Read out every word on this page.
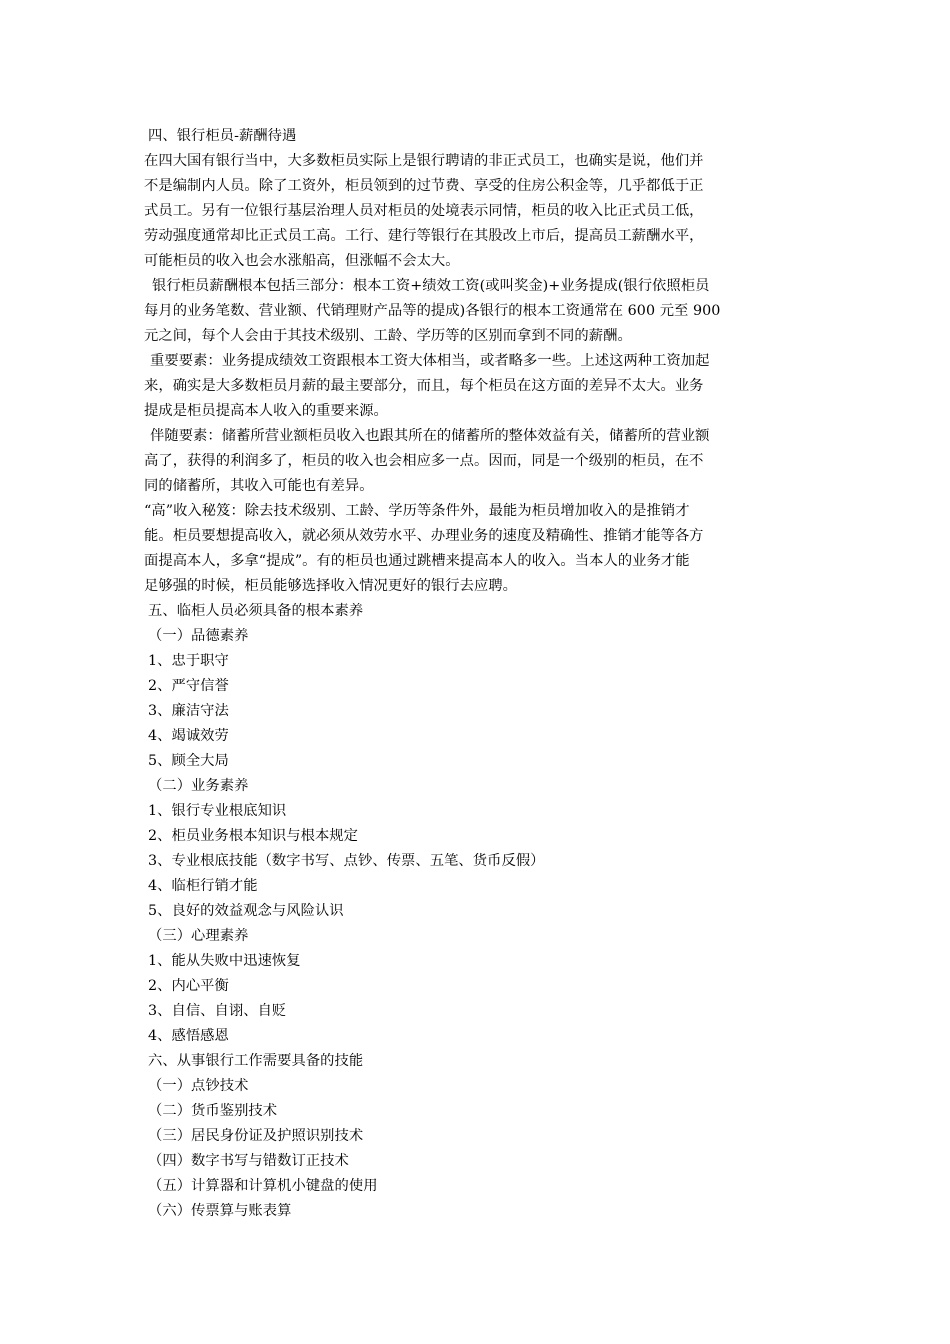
四、银行柜员-薪酬待遇
在四大国有银行当中，大多数柜员实际上是银行聘请的非正式员工，也确实是说，他们并
不是编制内人员。除了工资外，柜员领到的过节费、享受的住房公积金等，几乎都低于正
式员工。另有一位银行基层治理人员对柜员的处境表示同情，柜员的收入比正式员工低，
劳动强度通常却比正式员工高。工行、建行等银行在其股改上市后，提高员工薪酬水平，
可能柜员的收入也会水涨船高，但涨幅不会太大。
银行柜员薪酬根本包括三部分：根本工资+绩效工资(或叫奖金)+业务提成(银行依照柜员
每月的业务笔数、营业额、代销理财产品等的提成)各银行的根本工资通常在 600 元至 900
元之间，每个人会由于其技术级别、工龄、学历等的区别而拿到不同的薪酬。
重要要素：业务提成绩效工资跟根本工资大体相当，或者略多一些。上述这两种工资加起
来，确实是大多数柜员月薪的最主要部分，而且，每个柜员在这方面的差异不太大。业务
提成是柜员提高本人收入的重要来源。
伴随要素：储蓄所营业额柜员收入也跟其所在的储蓄所的整体效益有关，储蓄所的营业额
高了，获得的利润多了，柜员的收入也会相应多一点。因而，同是一个级别的柜员，在不
同的储蓄所，其收入可能也有差异。
“高”收入秘笈：除去技术级别、工龄、学历等条件外，最能为柜员增加收入的是推销才
能。柜员要想提高收入，就必须从效劳水平、办理业务的速度及精确性、推销才能等各方
面提高本人，多拿“提成”。有的柜员也通过跳槽来提高本人的收入。当本人的业务才能
足够强的时候，柜员能够选择收入情况更好的银行去应聘。
五、临柜人员必须具备的根本素养
（一）品德素养
1、忠于职守
2、严守信誉
3、廉洁守法
4、竭诚效劳
5、顾全大局
（二）业务素养
1、银行专业根底知识
2、柜员业务根本知识与根本规定
3、专业根底技能（数字书写、点钞、传票、五笔、货币反假）
4、临柜行销才能
5、良好的效益观念与风险认识
（三）心理素养
1、能从失败中迅速恢复
2、内心平衡
3、自信、自诩、自贬
4、感悟感恩
六、从事银行工作需要具备的技能
（一）点钞技术
（二）货币鉴别技术
（三）居民身份证及护照识别技术
（四）数字书写与错数订正技术
（五）计算器和计算机小键盘的使用
（六）传票算与账表算
